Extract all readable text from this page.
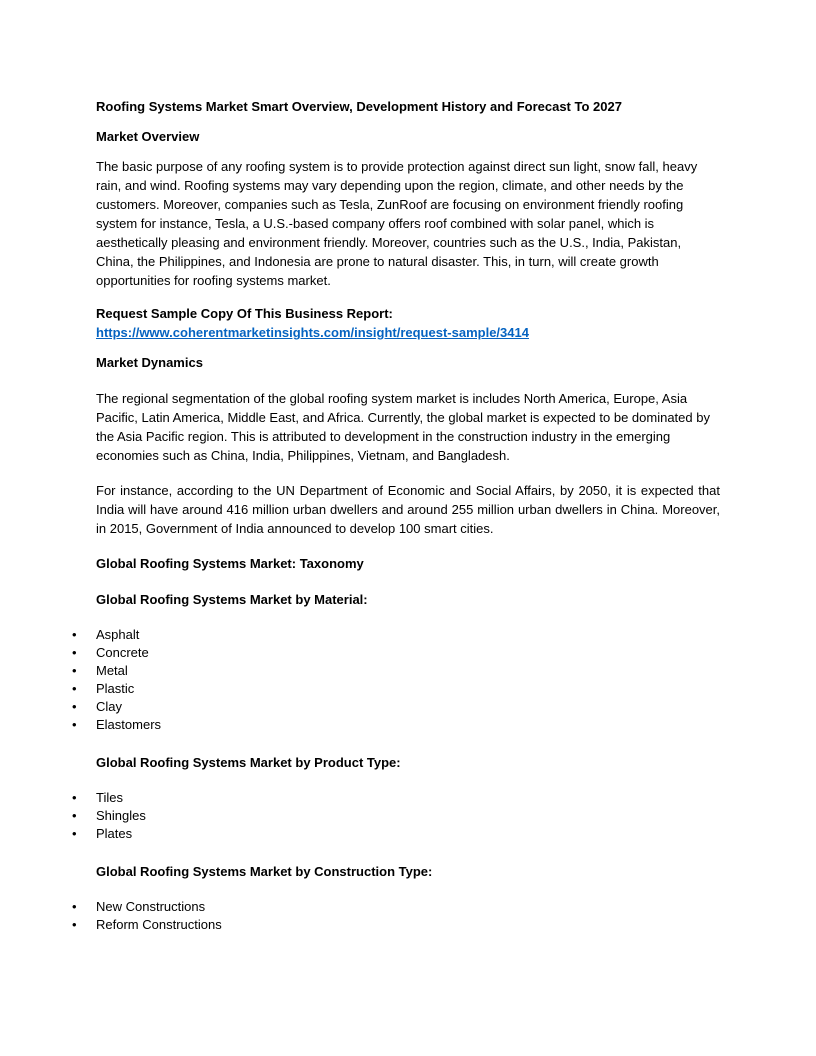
Roofing Systems Market Smart Overview, Development History and Forecast To 2027

Market Overview

The basic purpose of any roofing system is to provide protection against direct sun light, snow fall, heavy rain, and wind. Roofing systems may vary depending upon the region, climate, and other needs by the customers. Moreover, companies such as Tesla, ZunRoof are focusing on environment friendly roofing system for instance, Tesla, a U.S.-based company offers roof combined with solar panel, which is aesthetically pleasing and environment friendly. Moreover, countries such as the U.S., India, Pakistan, China, the Philippines, and Indonesia are prone to natural disaster. This, in turn, will create growth opportunities for roofing systems market.

Request Sample Copy Of This Business Report:

https://www.coherentmarketinsights.com/insight/request-sample/3414

Market Dynamics

The regional segmentation of the global roofing system market is includes North America, Europe, Asia Pacific, Latin America, Middle East, and Africa. Currently, the global market is expected to be dominated by the Asia Pacific region. This is attributed to development in the construction industry in the emerging economies such as China, India, Philippines, Vietnam, and Bangladesh.

For instance, according to the UN Department of Economic and Social Affairs, by 2050, it is expected that India will have around 416 million urban dwellers and around 255 million urban dwellers in China. Moreover, in 2015, Government of India announced to develop 100 smart cities.

Global Roofing Systems Market: Taxonomy

Global Roofing Systems Market by Material:

• Asphalt
• Concrete
• Metal
• Plastic
• Clay
• Elastomers

Global Roofing Systems Market by Product Type:

• Tiles
• Shingles
• Plates

Global Roofing Systems Market by Construction Type:

• New Constructions
• Reform Constructions
